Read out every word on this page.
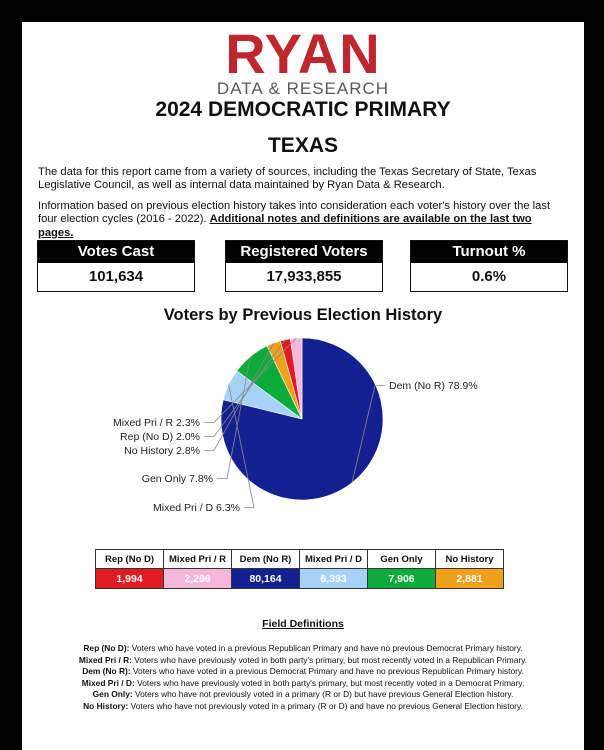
RYAN
DATA & RESEARCH
2024 DEMOCRATIC PRIMARY
TEXAS
The data for this report came from a variety of sources, including the Texas Secretary of State, Texas Legislative Council, as well as internal data maintained by Ryan Data & Research.
Information based on previous election history takes into consideration each voter's history over the last four election cycles (2016 - 2022). Additional notes and definitions are available on the last two pages.
Votes Cast
101,634
Registered Voters
17,933,855
Turnout %
0.6%
Voters by Previous Election History
Dem (No R) 78.9%
Mixed Pri / D 6.3%
Gen Only 7.8%
No History 2.8%
Rep (No D) 2.0%
Mixed Pri / R 2.3%
Rep (No D)	Mixed Pri / R	Dem (No R)	Mixed Pri / D	Gen Only	No History
1,994	2,296	80,164	6,393	7,906	2,881
Field Definitions
Rep (No D): Voters who have voted in a previous Republican Primary and have no previous Democrat Primary history.
Mixed Pri / R: Voters who have previously voted in both party's primary, but most recently voted in a Republican Primary.
Dem (No R): Voters who have voted in a previous Democrat Primary and have no previous Republican Primary history.
Mixed Pri / D: Voters who have previously voted in both party's primary, but most recently voted in a Democrat Primary.
Gen Only: Voters who have not previously voted in a primary (R or D) but have previous General Election history.
No History: Voters who have not previously voted in a primary (R or D) and have no previous General Election history.
